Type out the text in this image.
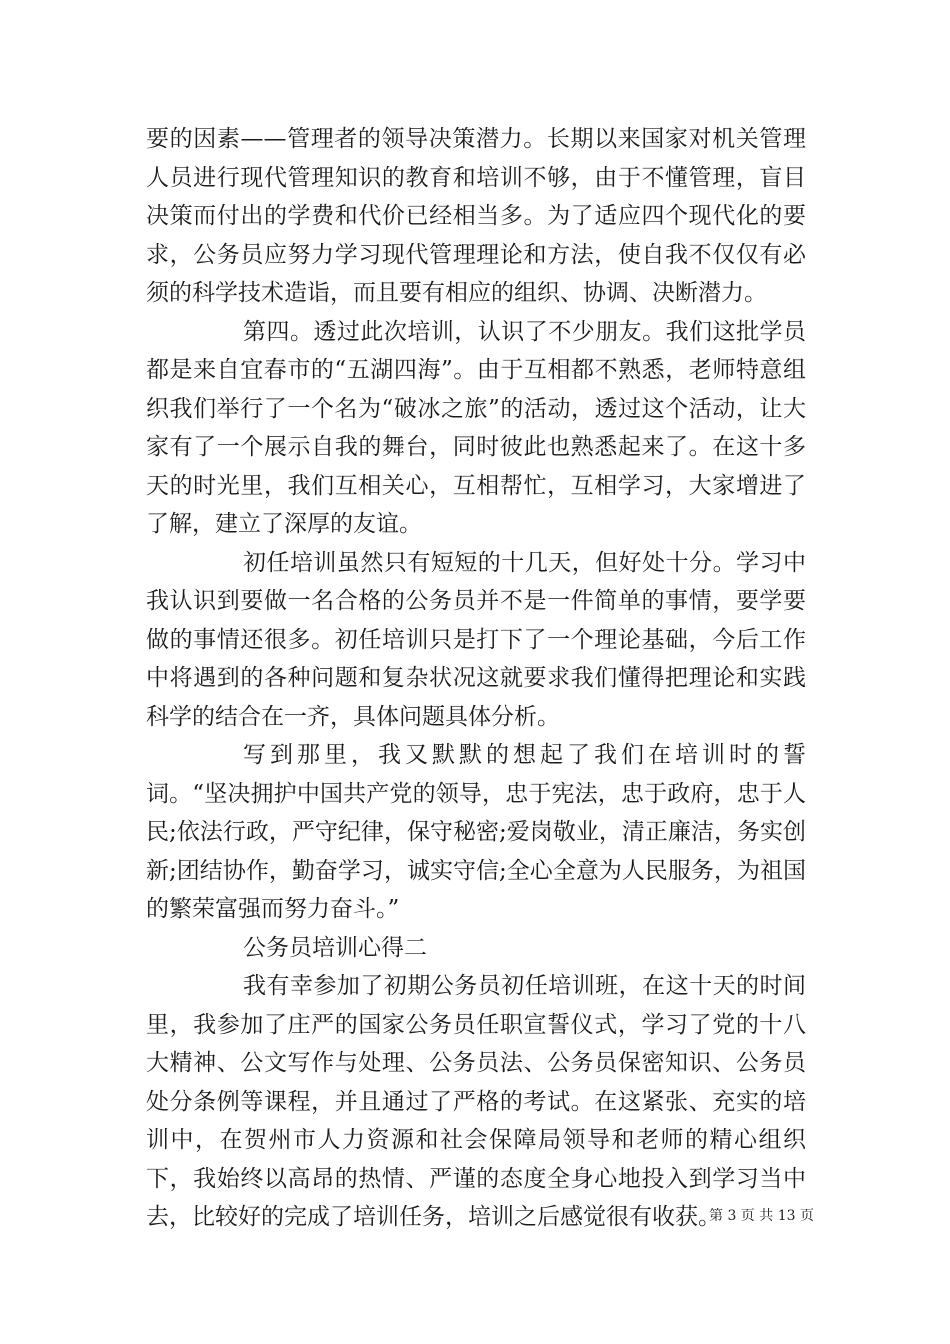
要的因素——管理者的领导决策潜力。长期以来国家对机关管理人员进行现代管理知识的教育和培训不够，由于不懂管理，盲目决策而付出的学费和代价已经相当多。为了适应四个现代化的要求，公务员应努力学习现代管理理论和方法，使自我不仅仅有必须的科学技术造诣，而且要有相应的组织、协调、决断潜力。

第四。透过此次培训，认识了不少朋友。我们这批学员都是来自宜春市的“五湖四海”。由于互相都不熟悉，老师特意组织我们举行了一个名为“破冰之旅”的活动，透过这个活动，让大家有了一个展示自我的舞台，同时彼此也熟悉起来了。在这十多天的时光里，我们互相关心，互相帮忙，互相学习，大家增进了了解，建立了深厚的友谊。

初任培训虽然只有短短的十几天，但好处十分。学习中我认识到要做一名合格的公务员并不是一件简单的事情，要学要做的事情还很多。初任培训只是打下了一个理论基础，今后工作中将遇到的各种问题和复杂状况这就要求我们懂得把理论和实践科学的结合在一齐，具体问题具体分析。

写到那里，我又默默的想起了我们在培训时的誓词。“坚决拥护中国共产党的领导，忠于宪法，忠于政府，忠于人民;依法行政，严守纪律，保守秘密;爱岗敬业，清正廉洁，务实创新;团结协作，勤奋学习，诚实守信;全心全意为人民服务，为祖国的繁荣富强而努力奋斗。”

公务员培训心得二

我有幸参加了初期公务员初任培训班，在这十天的时间里，我参加了庄严的国家公务员任职宣誓仪式，学习了党的十八大精神、公文写作与处理、公务员法、公务员保密知识、公务员处分条例等课程，并且通过了严格的考试。在这紧张、充实的培训中，在贺州市人力资源和社会保障局领导和老师的精心组织下，我始终以高昂的热情、严谨的态度全身心地投入到学习当中去，比较好的完成了培训任务，培训之后感觉很有收获。

第 3 页 共 13 页
